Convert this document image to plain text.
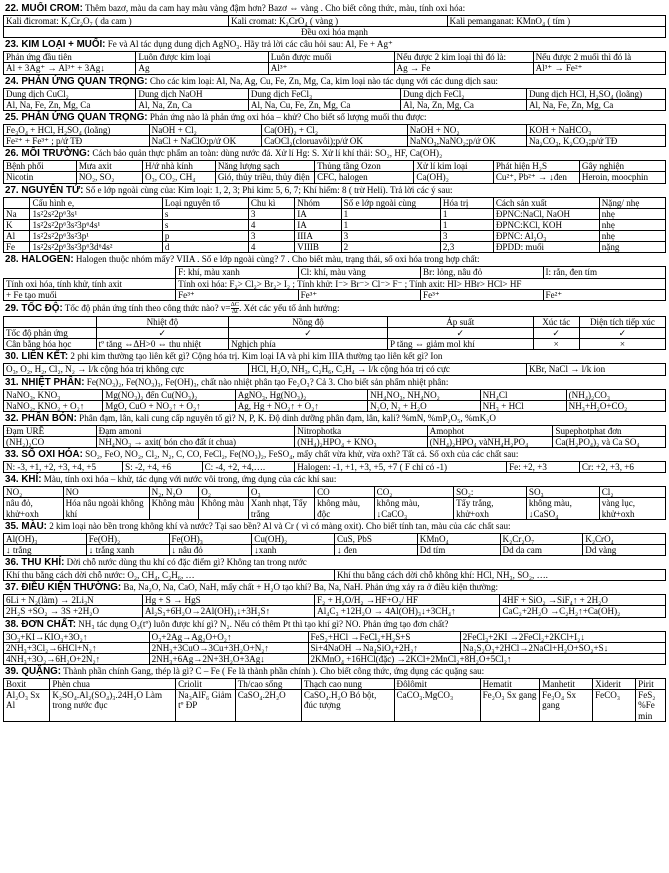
22. MUỐI CROM: Thêm bazơ, màu da cam hay màu vàng đậm hơn? Bazơ ⇔ vàng . Cho biết công thức, màu, tính oxi hóa:
Kali đicromat: K₂Cr₂O₇ ( da cam )	Kali cromat: K₂CrO₄ ( vàng )	Kali pemanganat: KMnO₄ ( tím )
Đều oxi hóa mạnh
23. KIM LOẠI + MUỐI: Fe và Al tác dụng dung dịch AgNO₃. Hãy trả lời các câu hỏi sau: Al, Fe + Ag⁺
Phản ứng đầu tiên	Luôn được kim loại	Luôn được muối	Nếu được 2 kim loại thì đó là:	Nếu được 2 muối thì đó là
Al + 3Ag⁺ → Al³⁺ + 3Ag↓	Ag	Al³⁺	Ag → Fe	Al³⁺ → Fe²⁺
24. PHẢN ỨNG QUAN TRỌNG: Cho các kim loại: Al, Na, Ag, Cu, Fe, Zn, Mg, Ca, kim loại nào tác dụng với các dung dịch sau:
Dung dịch CuCl₂	Dung dịch NaOH	Dung dịch FeCl₃	Dung dịch FeCl₂	Dung dịch HCl, H₂SO₄ (loãng)
Al, Na, Fe, Zn, Mg, Ca	Al, Na, Zn, Ca	Al, Na, Cu, Fe, Zn, Mg, Ca	Al, Na, Zn, Mg, Ca	Al, Na, Fe, Zn, Mg, Ca
25. PHẢN ỨNG QUAN TRỌNG: Phản ứng nào là phản ứng oxi hóa – khử? Cho biết số lượng muối thu được:
Fe₃O₄ + HCl, H₂SO₄ (loãng)	NaOH + Cl₂	Ca(OH)₂ + Cl₂	NaOH + NO₂	KOH + NaHCO₃
Fe²⁺ + Fe³⁺ ; p/ứ TĐ	NaCl + NaClO;p/ứ OK	CaOCl₂(cloruavôi);p/ứ OK	NaNO₃,NaNO₂;p/ứ OK	Na₂CO₃, K₂CO₃;p/ứ TĐ
26. MÔI TRƯỜNG: Cách bảo quản thực phẩm an toàn: dùng nước đá. Xử lí Hg: S. Xử lí khí thải: SO₂, HF, Ca(OH)₂
Bệnh phổi	Mưa axit	H/ứ nhà kính	Năng lượng sạch	Thủng tầng Ozon	Xử lí kim loại	Phát hiện H₂S	Gây nghiện
Nicotin	NO₂, SO₂	O₃, CO₂, CH₄	Gió, thủy triều, thủy điện	CFC, halogen	Ca(OH)₂	Cu²⁺, Pb²⁺ → ↓đen	Heroin, moocphin
27. NGUYÊN TỬ: Số e lớp ngoài cùng của: Kim loại: 1, 2, 3; Phi kim: 5, 6, 7; Khí hiếm: 8 ( trừ Heli). Trả lời các ý sau:
	Cấu hình e,	Loại nguyên tố	Chu kì	Nhóm	Số e lớp ngoài cùng	Hóa trị	Cách sản xuất	Nặng/ nhẹ
Na	1s²2s²2p⁶3s¹	s	3	IA	1	1	ĐPNC:NaCl, NaOH	nhẹ
K	1s²2s²2p⁶3s²3p⁶4s¹	s	4	IA	1	1	ĐPNC:KCl, KOH	nhẹ
Al	1s²2s²2p⁶3s²3p¹	p	3	IIIA	3	3	ĐPNC: Al₂O₃	nhẹ
Fe	1s²2s²2p⁶3s²3p⁶3d⁶4s²	d	4	VIIIB	2	2,3	ĐPDD: muối	nặng
28. HALOGEN: Halogen thuộc nhóm mấy? VIIA . Số e lớp ngoài cùng? 7 . Cho biết màu, trạng thái, số oxi hóa trong hợp chất:
	F: khí, màu xanh	Cl: khí, màu vàng	Br: lỏng, nâu đỏ	I: rắn, đen tím
Tính oxi hóa, tính khử, tính axit	Tính oxi hóa: F₂> Cl₂> Br₂> I₂ ; Tính khử: I⁻> Br⁻> Cl⁻> F⁻ ; Tính axit: HI> HBr> HCl> HF			
+ Fe tạo muối	Fe³⁺	Fe³⁺	Fe³⁺	Fe²⁺
29. TỐC ĐỘ: Tốc độ phản ứng tính theo công thức nào? $v= \frac{\Delta C}{\Delta t}$ . Xét các yếu tố ảnh hưởng:
	Nhiệt độ	Nồng độ	Áp suất	Xúc tác	Diện tích tiếp xúc
Tốc độ phản ứng	✓	✓	✓	✓	✓
Cân bằng hóa học	tº tăng ⇔ΔH>0 ⇔ thu nhiệt	Nghịch phía	P tăng ⇔ giảm mol khí	×	×
30. LIÊN KẾT: 2 phi kim thường tạo liên kết gì? Cộng hóa trị. Kim loại IA và phi kim IIIA thường tạo liên kết gì? Ion
O₃, O₂, H₂, Cl₂, N₂ → l/k cộng hóa trị không cực	HCl, H₂O, NH₃, C₂H₆, C₂H₄ → l/k cộng hóa trị có cực	KBr, NaCl → l/k ion
31. NHIỆT PHÂN: Fe(NO₃)₂, Fe(NO₃)₃, Fe(OH)₃, chất nào nhiệt phân tạo Fe₂O₃? Cả 3. Cho biết sản phẩm nhiệt phân:
NaNO₃, KNO₃	Mg(NO₃)₂ đến Cu(NO₃)₂	AgNO₃, Hg(NO₃)₂	NH₄NO₃, NH₄NO₂	NH₄Cl	(NH₄)₂CO₃
NaNO₂, KNO₂ + O₂↑	MgO, CuO + NO₂↑ + O₂↑	Ag, Hg + NO₂↑ + O₂↑	N₂O, N₂ + H₂O	NH₃ + HCl	NH₃+H₂O+CO₂
32. PHÂN BÓN: Phân đạm, lân, kali cung cấp nguyên tố gì? N, P, K. Độ dinh dưỡng phân đạm, lân, kali? %mN, %mP₂O₅, %mK₂O
Đạm URÊ	Đạm amoni	Nitrophotka	Amophot	Supephotphat đơn
(NH₂)₂CO	NH₄NO₃ → axit( bón cho đất ít chua)	(NH₄)₂HPO₄ + KNO₃	(NH₄)₂HPO₄ vàNH₄H₂PO₄	Ca(H₂PO₄)₂ và Ca SO₄
33. SỐ OXI HÓA: SO₂, FeO, NO₂, Cl₂, N₂, C, CO, FeCl₂, Fe(NO₃)₂, FeSO₄, mấy chất vừa khử, vừa oxh? Tất cả. Số oxh của các chất sau:
N: -3, +1, +2, +3, +4, +5	S: -2, +4, +6	C: -4, +2, +4,….	Halogen: -1, +1, +3, +5, +7 ( F chỉ có -1)	Fe: +2, +3	Cr: +2, +3, +6
34. KHÍ: Màu, tính oxi hóa – khử, tác dụng với nước vôi trong, ứng dụng của các khí sau:
NO₂	NO	N₂, N₂O	O₂	O₃	CO	CO₂	SO₂:	SO₃	Cl₂
nâu đỏ, khử+oxh	Hóa nâu ngoài không khí	Không màu	Không màu	Xanh nhạt, Tẩy trắng	không màu, độc	không màu, ↓CaCO₃	Tẩy trắng, khử+oxh	không màu, ↓CaSO₄	vàng lục, khử+oxh
35. MÀU: 2 kim loại nào bền trong không khí và nước? Tại sao bền? Al và Cr ( vì có màng oxit). Cho biết tính tan, màu của các chất sau:
Al(OH)₃	Fe(OH)₂	Fe(OH)₃	Cu(OH)₂	CuS, PbS	KMnO₄	K₂Cr₂O₇	K₂CrO₄
↓ trắng	↓ trắng xanh	↓ nâu đỏ	↓xanh	↓ đen	Dd tím	Dd da cam	Dd vàng
36. THU KHÍ: Dời chỗ nước dùng thu khí có đặc điểm gì? Không tan trong nước
Khí thu bằng cách dời chỗ nước: O₂, CH₄, C₂H₆, …	Khí thu bằng cách dời chỗ không khí: HCl, NH₃, SO₂, ….
37. ĐIỀU KIỆN THƯỜNG: Ba, Na₂O, Na, CaO, NaH, mấy chất + H₂O tạo khí? Ba, Na, NaH. Phản ứng xảy ra ở điều kiện thường:
6Li + N₂(làm) → 2Li₃N	Hg + S → HgS	F₂ + H₂O/H₂ →HF+O₂/ HF	4HF + SiO₂ →SiF₄↑ + 2H₂O
2H₂S +SO₂ → 3S +2H₂O	Al₂S₃+6H₂O→2Al(OH)₃↓+3H₂S↑	Al₄C₃ +12H₂O → 4Al(OH)₃↓+3CH₄↑	CaC₂+2H₂O →C₂H₂↑+Ca(OH)₂
38. ĐƠN CHẤT: NH₃ tác dụng O₂(tº) luôn được khí gì? N₂. Nếu có thêm Pt thì tạo khí gì? NO. Phản ứng tạo đơn chất?
3O₃+KI→KIO₃+3O₂↑	O₃+2Ag→Ag₂O+O₂↑	FeS₂+HCl →FeCl₂+H₂S+S	2FeCl₃+2KI →2FeCl₂+2KCl+I₂↓
2NH₃+3Cl₂→6HCl+N₂↑	2NH₃+3CuO→3Cu+3H₂O+N₂↑	Si+4NaOH →Na₄SiO₄+2H₂↑	Na₂S₂O₃+2HCl→2NaCl+H₂O+SO₂+S↓
4NH₃+3O₂→6H₂O+2N₂↑	2NH₃+6Ag→2N+3H₂O+3Ag↓	2KMnO₄ +16HCl(đặc) →2KCl+2MnCl₂+8H₂O+5Cl₂↑	
39. QUẶNG: Thành phần chính Gang, thép là gì? C – Fe ( Fe là thành phần chính ). Cho biết công thức, ứng dụng các quặng sau:
Boxit	Phèn chua	Criolit	Th/cao sống	Thạch cao nung	Đôlômit	Hematit	Manhetit	Xiderit	Pirit
Al₂O₃ Sx Al	K₂SO₄.Al₂(SO₄)₃.24H₂O Làm trong nước đục	Na₃AlF₆ Giảm tº ĐP	CaSO₄.2H₂O	CaSO₄.H₂O Bó bột, đúc tượng	CaCO₃.MgCO₃	Fe₂O₃ Sx gang	Fe₃O₄ Sx gang	FeCO₃	FeS₂ %Fe min
